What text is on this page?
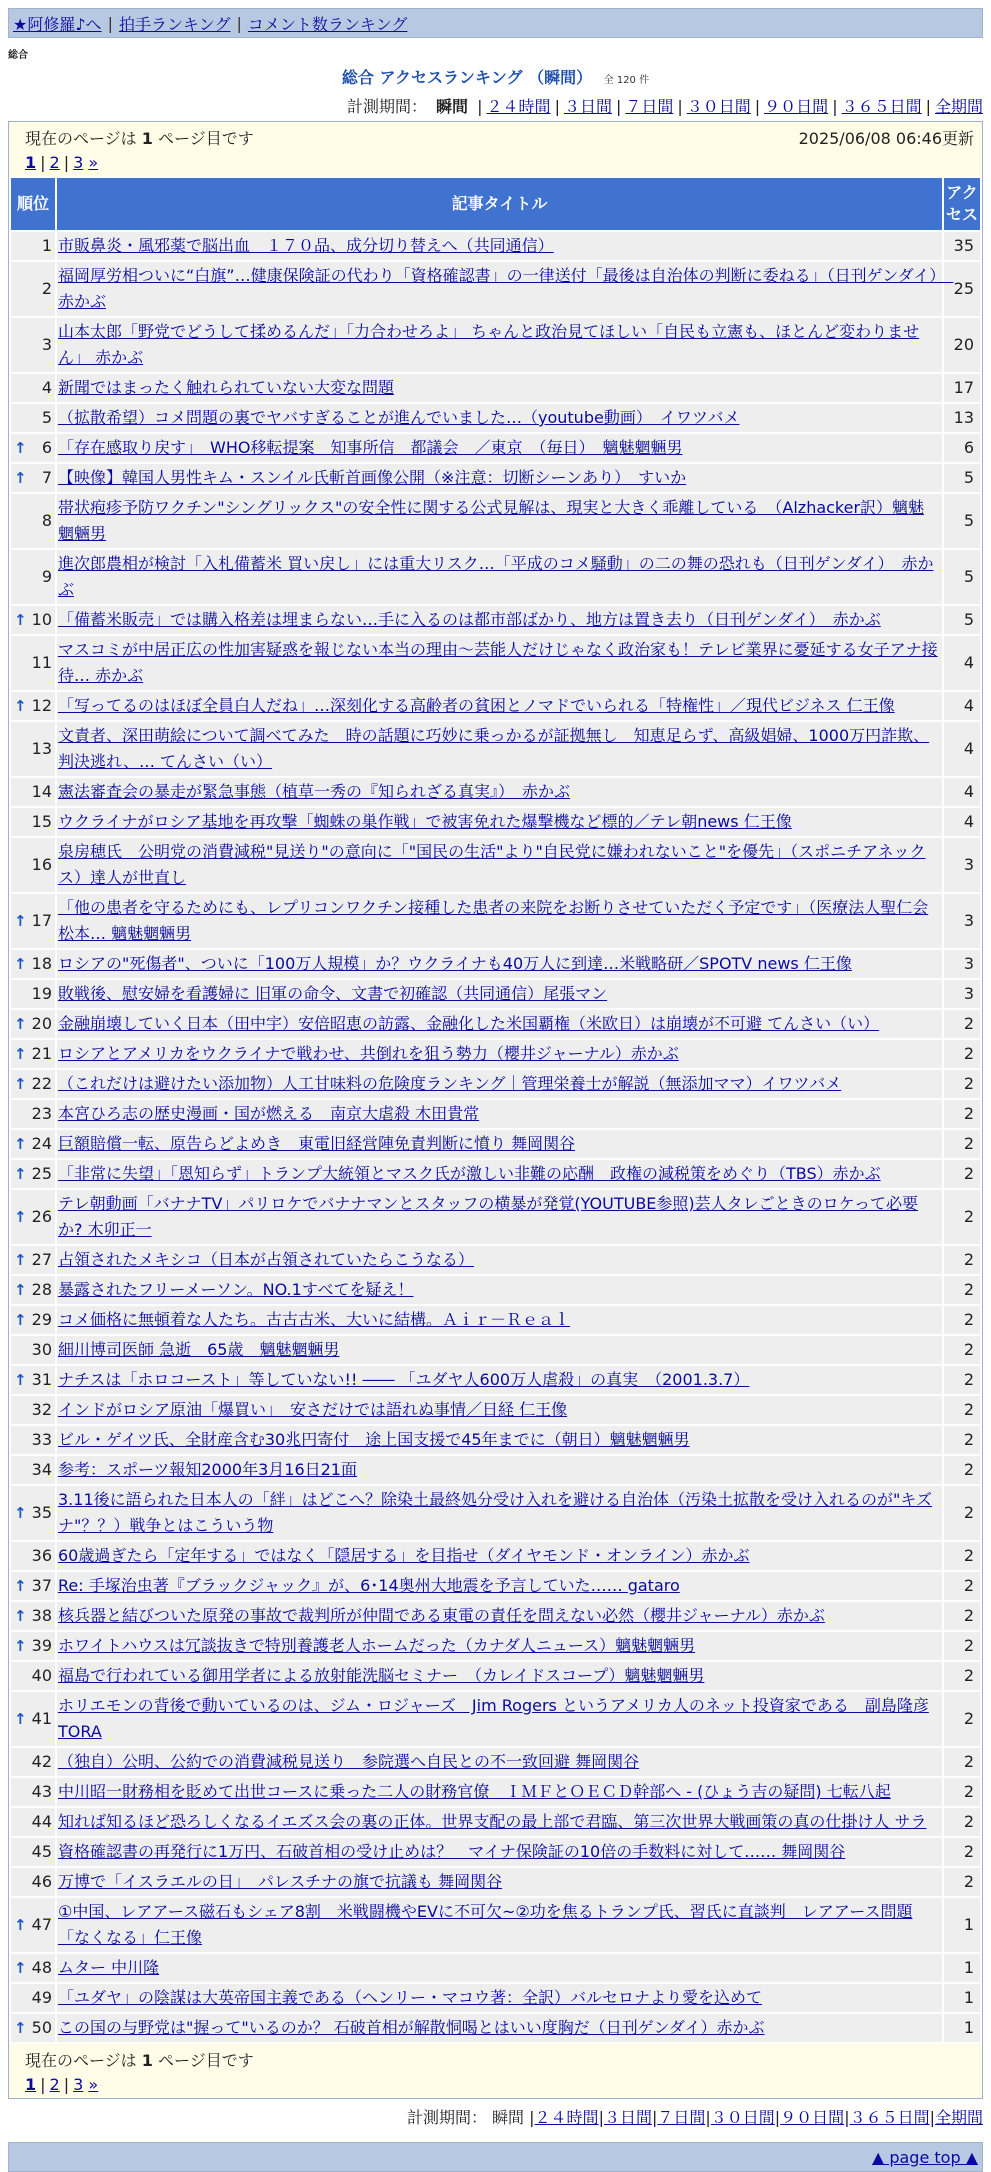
★阿修羅♪へ | 拍手ランキング | コメント数ランキング
総合
総合 アクセスランキング （瞬間） 全 120 件
計測期間： 瞬間 | ２４時間 | ３日間 | ７日間 | ３０日間 | ９０日間 | ３６５日間 | 全期間
現在のページは 1 ページ目です	2025/06/08 06:46更新
1 | 2 | 3 »
順位	記事タイトル	アクセス
1	市販鼻炎・風邪薬で脳出血　１７０品、成分切り替えへ（共同通信）	35
2	福岡厚労相ついに“白旗”…健康保険証の代わり「資格確認書」の一律送付「最後は自治体の判断に委ねる」（日刊ゲンダイ）　赤かぶ	25
3	山本太郎「野党でどうして揉めるんだ」「力合わせろよ」 ちゃんと政治見てほしい「自民も立憲も、ほとんど変わりません」 赤かぶ	20
4	新聞ではまったく触れられていない大変な問題	17
5	（拡散希望）コメ問題の裏でヤバすぎることが進んでいました…（youtube動画）　イワツバメ	13

↑ 6	「存在感取り戻す」　WHO移転提案　知事所信　都議会　／東京　（毎日）　魑魅魍魎男	6

↑ 7	【映像】韓国人男性キム・スンイル氏斬首画像公開（※注意：切断シーンあり）　すいか	5
8	帯状疱疹予防ワクチン"シングリックス"の安全性に関する公式見解は、現実と大きく乖離している　（Alzhacker訳）魑魅魍魎男	5
9	進次郎農相が検討「入札備蓄米 買い戻し」には重大リスク…「平成のコメ騒動」の二の舞の恐れも（日刊ゲンダイ）　赤かぶ	5

↑ 10	「備蓄米販売」では購入格差は埋まらない…手に入るのは都市部ばかり、地方は置き去り（日刊ゲンダイ）　赤かぶ	5
11	マスコミが中居正広の性加害疑惑を報じない本当の理由～芸能人だけじゃなく政治家も！テレビ業界に憂延する女子アナ接待… 赤かぶ	4

↑ 12	「写ってるのはほぼ全員白人だね」…深刻化する高齢者の貧困とノマドでいられる「特権性」／現代ビジネス 仁王像	4
13	文責者、深田萌絵について調べてみた　時の話題に巧妙に乗っかるが証拠無し　知恵足らず、高級娼婦、1000万円詐欺、判決逃れ、… てんさい（い）	4
14	憲法審査会の暴走が緊急事態（植草一秀の『知られざる真実』）　赤かぶ	4
15	ウクライナがロシア基地を再攻撃「蜘蛛の巣作戦」で被害免れた爆撃機など標的／テレ朝news 仁王像	4
16	泉房穂氏　公明党の消費減税"見送り"の意向に「"国民の生活"より"自民党に嫌われないこと"を優先」（スポニチアネックス）達人が世直し	3

↑ 17	「他の患者を守るためにも、レプリコンワクチン接種した患者の来院をお断りさせていただく予定です」（医療法人聖仁会松本… 魑魅魍魎男	3

↑ 18	ロシアの"死傷者"、ついに「100万人規模」か？ウクライナも40万人に到達…米戦略研／SPOTV news 仁王像	3
19	敗戦後、慰安婦を看護婦に 旧軍の命令、文書で初確認（共同通信）尾張マン	3

↑ 20	金融崩壊していく日本（田中宇）安倍昭恵の訪露、金融化した米国覇権（米欧日）は崩壊が不可避 てんさい（い）	2

↑ 21	ロシアとアメリカをウクライナで戦わせ、共倒れを狙う勢力（櫻井ジャーナル）赤かぶ	2

↑ 22	（これだけは避けたい添加物）人工甘味料の危険度ランキング｜管理栄養士が解説（無添加ママ）イワツバメ	2
23	本宮ひろ志の歴史漫画・国が燃える　南京大虐殺 木田貴常	2

↑ 24	巨額賠償一転、原告らどよめき　東電旧経営陣免責判断に憤り 舞岡関谷	2

↑ 25	「非常に失望」「恩知らず」トランプ大統領とマスク氏が激しい非難の応酬　政権の減税策をめぐり（TBS）赤かぶ	2

↑ 26	テレ朝動画「バナナTV」パリロケでバナナマンとスタッフの横暴が発覚(YOUTUBE参照)芸人タレごときのロケって必要か? 木卯正一	2

↑ 27	占領されたメキシコ（日本が占領されていたらこうなる）	2

↑ 28	暴露されたフリーメーソン。NO.1すべてを疑え！	2

↑ 29	コメ価格に無頓着な人たち。古古古米、大いに結構。Ａｉｒ－Ｒｅａｌ	2
30	細川博司医師 急逝　65歳　魑魅魍魎男	2

↑ 31	ナチスは「ホロコースト」等していない!! ―― 「ユダヤ人600万人虐殺」の真実　（2001.3.7）	2
32	インドがロシア原油「爆買い」　安さだけでは語れぬ事情／日経 仁王像	2
33	ビル・ゲイツ氏、全財産含む30兆円寄付　途上国支援で45年までに（朝日）魑魅魍魎男	2
34	参考：スポーツ報知2000年3月16日21面	2

↑ 35	3.11後に語られた日本人の「絆」はどこへ？除染土最終処分受け入れを避ける自治体（汚染土拡散を受け入れるのが"キズナ"？？）戦争とはこういう物	2
36	60歳過ぎたら「定年する」ではなく「隠居する」を目指せ（ダイヤモンド・オンライン）赤かぶ	2

↑ 37	Re: 手塚治虫著『ブラックジャック』が、6･14奥州大地震を予言していた…… gataro	2

↑ 38	核兵器と結びついた原発の事故で裁判所が仲間である東電の責任を問えない必然（櫻井ジャーナル）赤かぶ	2

↑ 39	ホワイトハウスは冗談抜きで特別養護老人ホームだった（カナダ人ニュース）魑魅魍魎男	2
40	福島で行われている御用学者による放射能洗脳セミナー　（カレイドスコープ）魑魅魍魎男	2

↑ 41	ホリエモンの背後で動いているのは、ジム・ロジャーズ　Jim Rogers というアメリカ人のネット投資家である　副島隆彦 TORA	2
42	（独自）公明、公約での消費減税見送り　参院選へ自民との不一致回避 舞岡関谷	2
43	中川昭一財務相を貶めて出世コースに乗った二人の財務官僚　ＩＭＦとＯＥＣＤ幹部へ - (ひょう吉の疑問) 七転八起	2
44	知れば知るほど恐ろしくなるイエズス会の裏の正体。世界支配の最上部で君臨、第三次世界大戦画策の真の仕掛け人 サラ	2
45	資格確認書の再発行に1万円、石破首相の受け止めは？　マイナ保険証の10倍の手数料に対して…… 舞岡関谷	2
46	万博で「イスラエルの日」　パレスチナの旗で抗議も 舞岡関谷	2

↑ 47	①中国、レアアース磁石もシェア8割　米戦闘機やEVに不可欠~②功を焦るトランプ氏、習氏に直談判　レアアース問題「なくなる」仁王像	1

↑ 48	ムター 中川隆	1
49	「ユダヤ」の陰謀は大英帝国主義である（ヘンリー・マコウ著：全訳）バルセロナより愛を込めて	1

↑ 50	この国の与野党は"握って"いるのか？ 石破首相が解散恫喝とはいい度胸だ（日刊ゲンダイ）赤かぶ	1
現在のページは 1 ページ目です
1 | 2 | 3 »
計測期間： 瞬間 |２４時間|３日間|７日間|３０日間|９０日間|３６５日間|全期間
▲ page top ▲
